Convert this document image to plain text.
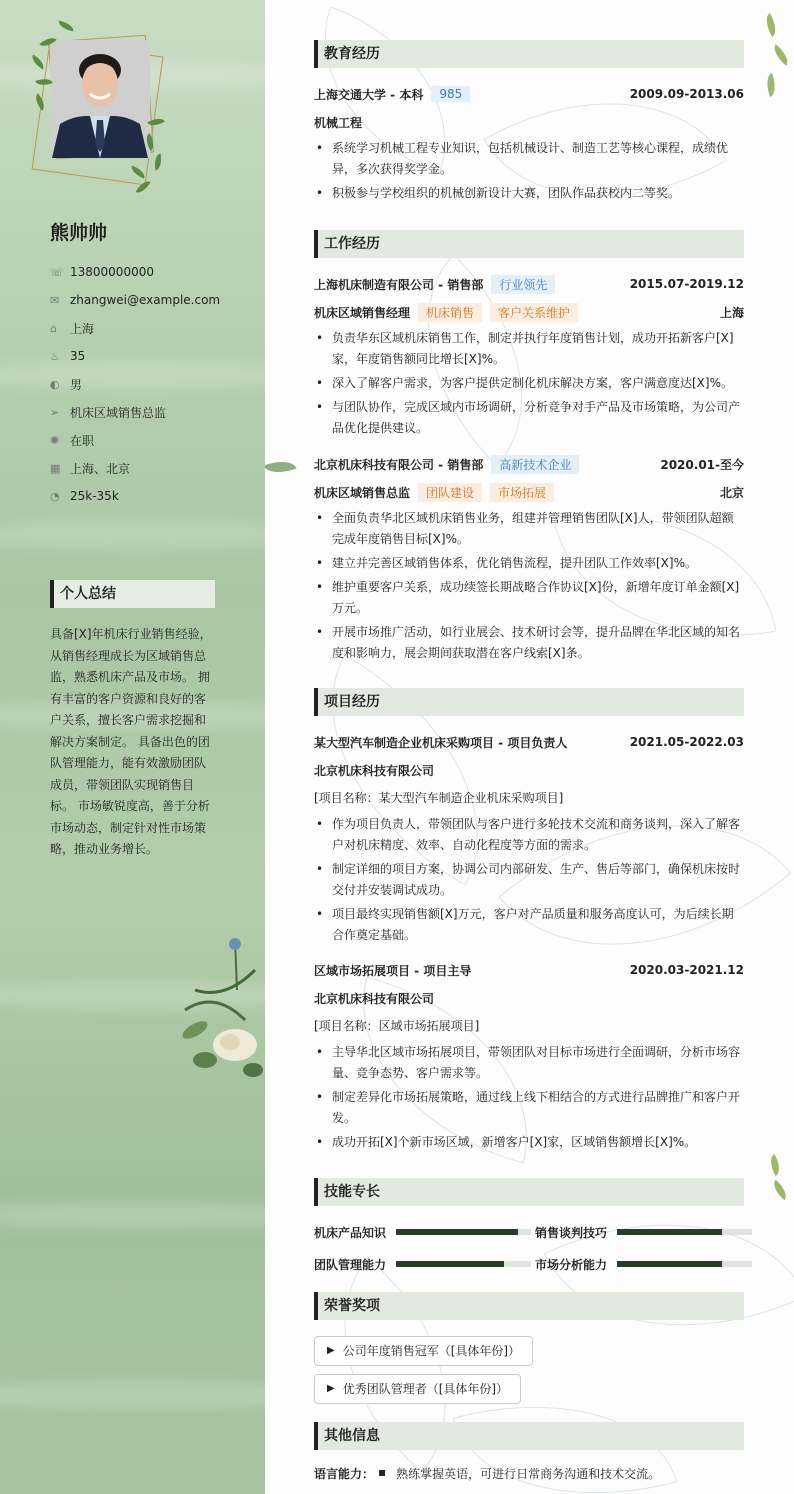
熊帅帅
☏ 13800000000
✉ zhangwei@example.com
⌂	上海
♨ 35
◐ 男
➢ 机床区域销售总监
✺ 在职
▦ 上海、北京
◔ 25k-35k
个人总结
具备[X]年机床行业销售经验，从销售经理成长为区域销售总监，熟悉机床产品及市场。 拥有丰富的客户资源和良好的客户关系，擅长客户需求挖掘和解决方案制定。 具备出色的团队管理能力，能有效激励团队成员，带领团队实现销售目标。 市场敏锐度高，善于分析市场动态，制定针对性市场策略，推动业务增长。
教育经历
上海交通大学 - 本科	985	2009.09-2013.06
机械工程
• 系统学习机械工程专业知识，包括机械设计、制造工艺等核心课程，成绩优异，多次获得奖学金。
• 积极参与学校组织的机械创新设计大赛，团队作品获校内二等奖。
工作经历
上海机床制造有限公司 - 销售部	行业领先	2015.07-2019.12
机床区域销售经理	机床销售	客户关系维护	上海
• 负责华东区域机床销售工作，制定并执行年度销售计划，成功开拓新客户[X]家，年度销售额同比增长[X]%。
• 深入了解客户需求，为客户提供定制化机床解决方案，客户满意度达[X]%。
• 与团队协作，完成区域内市场调研，分析竞争对手产品及市场策略，为公司产品优化提供建议。
北京机床科技有限公司 - 销售部	高新技术企业	2020.01-至今
机床区域销售总监	团队建设	市场拓展	北京
• 全面负责华北区域机床销售业务，组建并管理销售团队[X]人，带领团队超额完成年度销售目标[X]%。
• 建立并完善区域销售体系，优化销售流程，提升团队工作效率[X]%。
• 维护重要客户关系，成功续签长期战略合作协议[X]份，新增年度订单金额[X]万元。
• 开展市场推广活动，如行业展会、技术研讨会等，提升品牌在华北区域的知名度和影响力，展会期间获取潜在客户线索[X]条。
项目经历
某大型汽车制造企业机床采购项目 - 项目负责人	2021.05-2022.03
北京机床科技有限公司
[项目名称：某大型汽车制造企业机床采购项目]
• 作为项目负责人，带领团队与客户进行多轮技术交流和商务谈判，深入了解客户对机床精度、效率、自动化程度等方面的需求。
• 制定详细的项目方案，协调公司内部研发、生产、售后等部门，确保机床按时交付并安装调试成功。
• 项目最终实现销售额[X]万元，客户对产品质量和服务高度认可，为后续长期合作奠定基础。
区域市场拓展项目 - 项目主导	2020.03-2021.12
北京机床科技有限公司
[项目名称：区域市场拓展项目]
• 主导华北区域市场拓展项目，带领团队对目标市场进行全面调研，分析市场容量、竞争态势、客户需求等。
• 制定差异化市场拓展策略，通过线上线下相结合的方式进行品牌推广和客户开发。
• 成功开拓[X]个新市场区域，新增客户[X]家，区域销售额增长[X]%。
技能专长
机床产品知识	销售谈判技巧
团队管理能力	市场分析能力
荣誉奖项
▶ 公司年度销售冠军（[具体年份]）
▶ 优秀团队管理者（[具体年份]）
其他信息
语言能力： ▪ 熟练掌握英语，可进行日常商务沟通和技术交流。
